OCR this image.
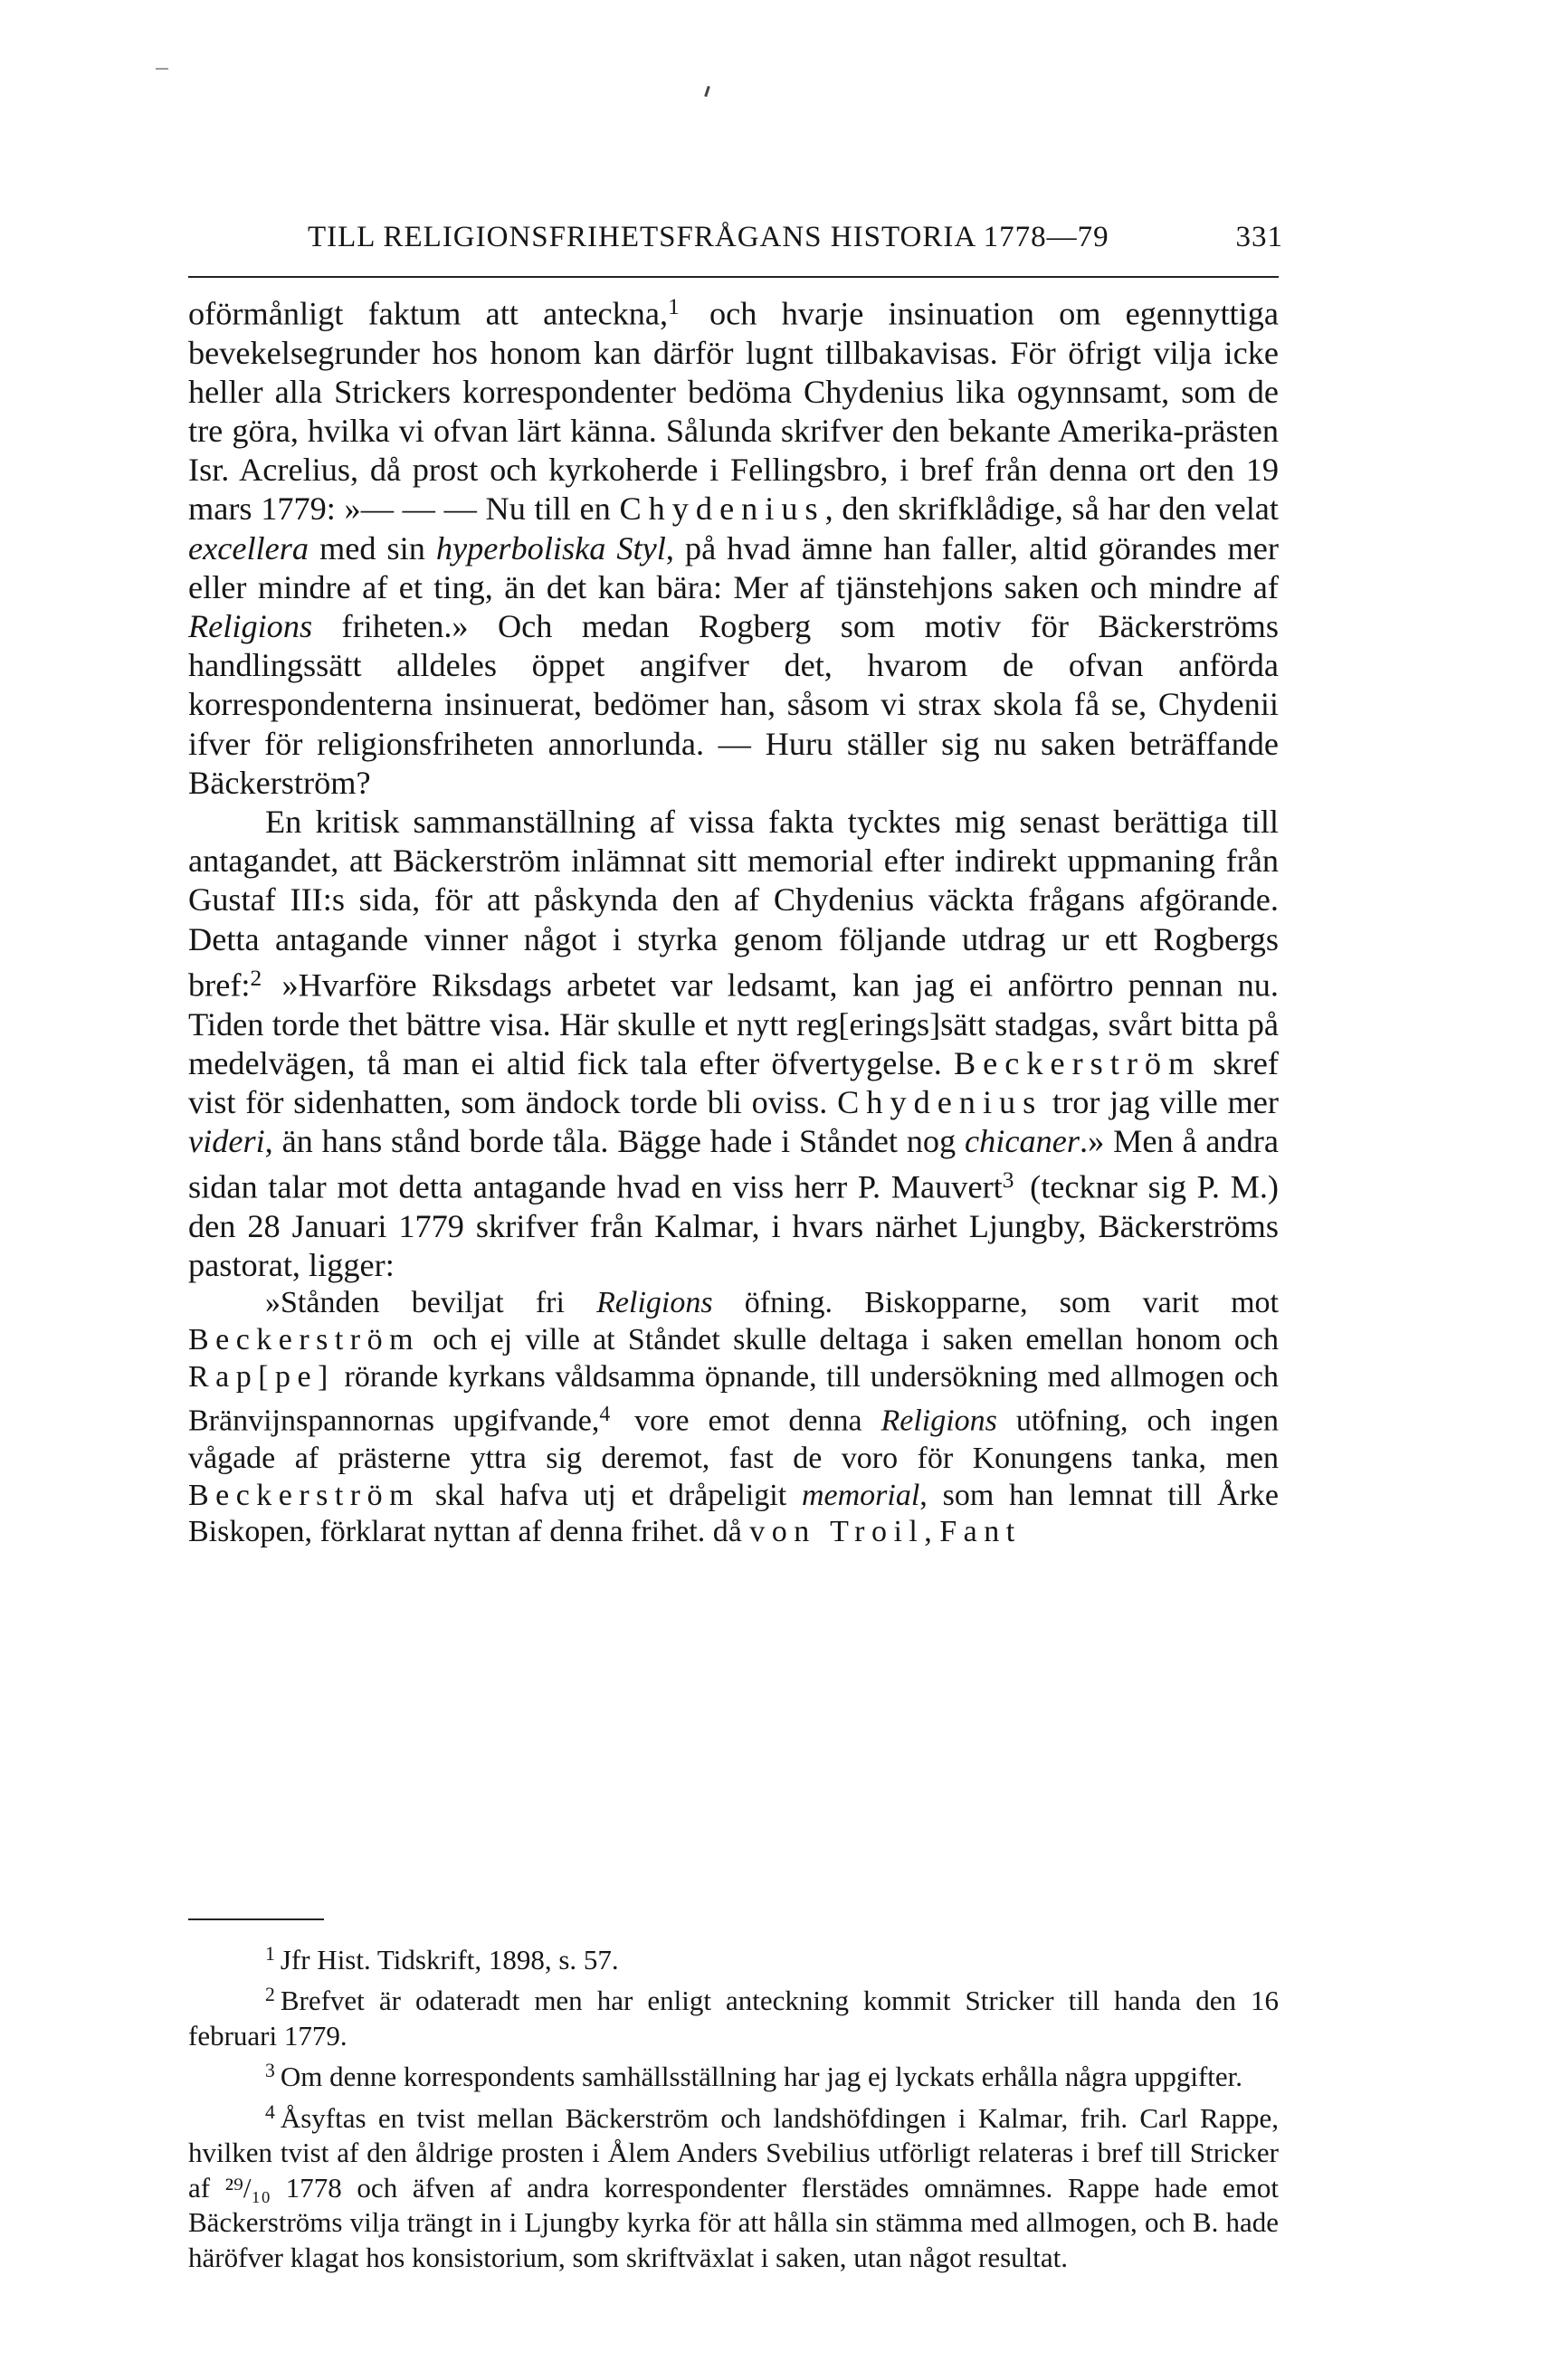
TILL RELIGIONSFRIHETSFRÅGANS HISTORIA 1778—79	331

oförmånligt faktum att anteckna,$^1$ och hvarje insinuation om egennyttiga bevekelsegrunder hos honom kan därför lugnt tillbakavisas. För öfrigt vilja icke heller alla Strickers korrespondenter bedöma Chydenius lika ogynnsamt, som de tre göra, hvilka vi ofvan lärt känna. Sålunda skrifver den bekante Amerika-prästen Isr. Acrelius, då prost och kyrkoherde i Fellingsbro, i bref från denna ort den 19 mars 1779: »— — — Nu till en Chydenius, den skrifklådige, så har den velat excellera med sin hyperboliska Styl, på hvad ämne han faller, altid görandes mer eller mindre af et ting, än det kan bära: Mer af tjänstehjons saken och mindre af Religions friheten.» Och medan Rogberg som motiv för Bäckerströms handlingssätt alldeles öppet angifver det, hvarom de ofvan anförda korrespondenterna insinuerat, bedömer han, såsom vi strax skola få se, Chydenii ifver för religionsfriheten annorlunda. — Huru ställer sig nu saken beträffande Bäckerström?

En kritisk sammanställning af vissa fakta tycktes mig senast berättiga till antagandet, att Bäckerström inlämnat sitt memorial efter indirekt uppmaning från Gustaf III:s sida, för att påskynda den af Chydenius väckta frågans afgörande. Detta antagande vinner något i styrka genom följande utdrag ur ett Rogbergs bref:$^2$ »Hvarföre Riksdags arbetet var ledsamt, kan jag ei anförtro pennan nu. Tiden torde thet bättre visa. Här skulle et nytt reg[erings]sätt stadgas, svårt bitta på medelvägen, tå man ei altid fick tala efter öfvertygelse. Beckerström skref vist för sidenhatten, som ändock torde bli oviss. Chydenius tror jag ville mer videri, än hans stånd borde tåla. Bägge hade i Ståndet nog chicaner.» Men å andra sidan talar mot detta antagande hvad en viss herr P. Mauvert$^3$ (tecknar sig P. M.) den 28 Januari 1779 skrifver från Kalmar, i hvars närhet Ljungby, Bäckerströms pastorat, ligger:

»Stånden beviljat fri Religions öfning. Biskopparne, som varit mot Beckerström och ej ville at Ståndet skulle deltaga i saken emellan honom och Rap[pe] rörande kyrkans våldsamma öpnande, till undersökning med allmogen och Bränvijnspannornas upgifvande,$^4$ vore emot denna Religions utöfning, och ingen vågade af prästerne yttra sig deremot, fast de voro för Konungens tanka, men Beckerström skal hafva utj et dråpeligit memorial, som han lemnat till Årke Biskopen, förklarat nyttan af denna frihet. då von Troil, Fant

$^1$ Jfr Hist. Tidskrift, 1898, s. 57.

$^2$ Brefvet är odateradt men har enligt anteckning kommit Stricker till handa den 16 februari 1779.

$^3$ Om denne korrespondents samhällsställning har jag ej lyckats erhålla några uppgifter.

$^4$ Åsyftas en tvist mellan Bäckerström och landshöfdingen i Kalmar, frih. Carl Rappe, hvilken tvist af den åldrige prosten i Ålem Anders Svebilius utförligt relateras i bref till Stricker af ²⁹/₁₀ 1778 och äfven af andra korrespondenter flerstädes omnämnes. Rappe hade emot Bäckerströms vilja trängt in i Ljungby kyrka för att hålla sin stämma med allmogen, och B. hade häröfver klagat hos konsistorium, som skriftväxlat i saken, utan något resultat.
